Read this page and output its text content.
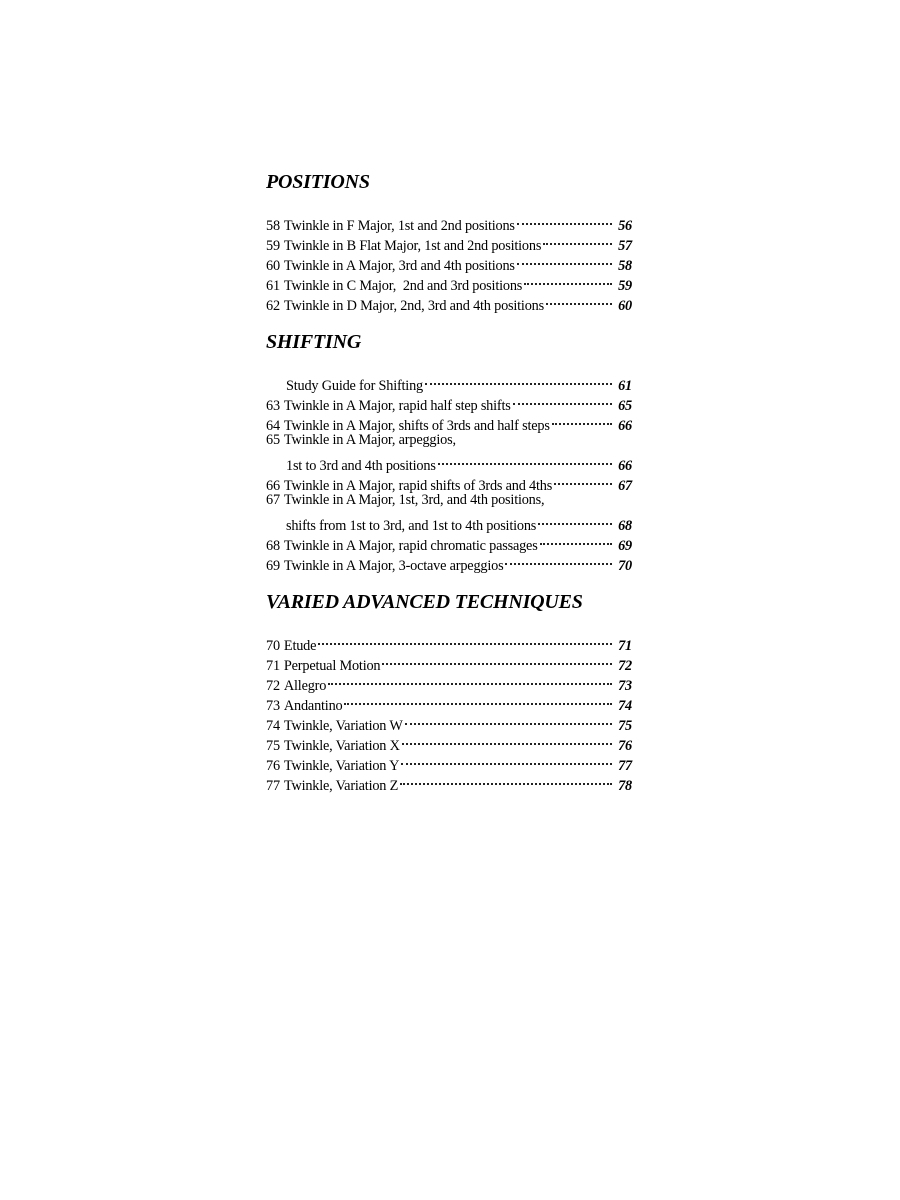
POSITIONS
58 Twinkle in F Major, 1st and 2nd positions	56
59 Twinkle in B Flat Major, 1st and 2nd positions	57
60 Twinkle in A Major, 3rd and 4th positions	58
61 Twinkle in C Major,  2nd and 3rd positions	59
62 Twinkle in D Major, 2nd, 3rd and 4th positions	60
SHIFTING
Study Guide for Shifting	61
63 Twinkle in A Major, rapid half step shifts	65
64 Twinkle in A Major, shifts of 3rds and half steps	66
65 Twinkle in A Major, arpeggios,
1st to 3rd and 4th positions	66
66 Twinkle in A Major, rapid shifts of 3rds and 4ths	67
67 Twinkle in A Major, 1st, 3rd, and 4th positions,
shifts from 1st to 3rd, and 1st to 4th positions	68
68 Twinkle in A Major, rapid chromatic passages	69
69 Twinkle in A Major, 3-octave arpeggios	70
VARIED ADVANCED TECHNIQUES
70 Etude	71
71 Perpetual Motion	72
72 Allegro	73
73 Andantino	74
74 Twinkle, Variation W	75
75 Twinkle, Variation X	76
76 Twinkle, Variation Y	77
77 Twinkle, Variation Z	78
